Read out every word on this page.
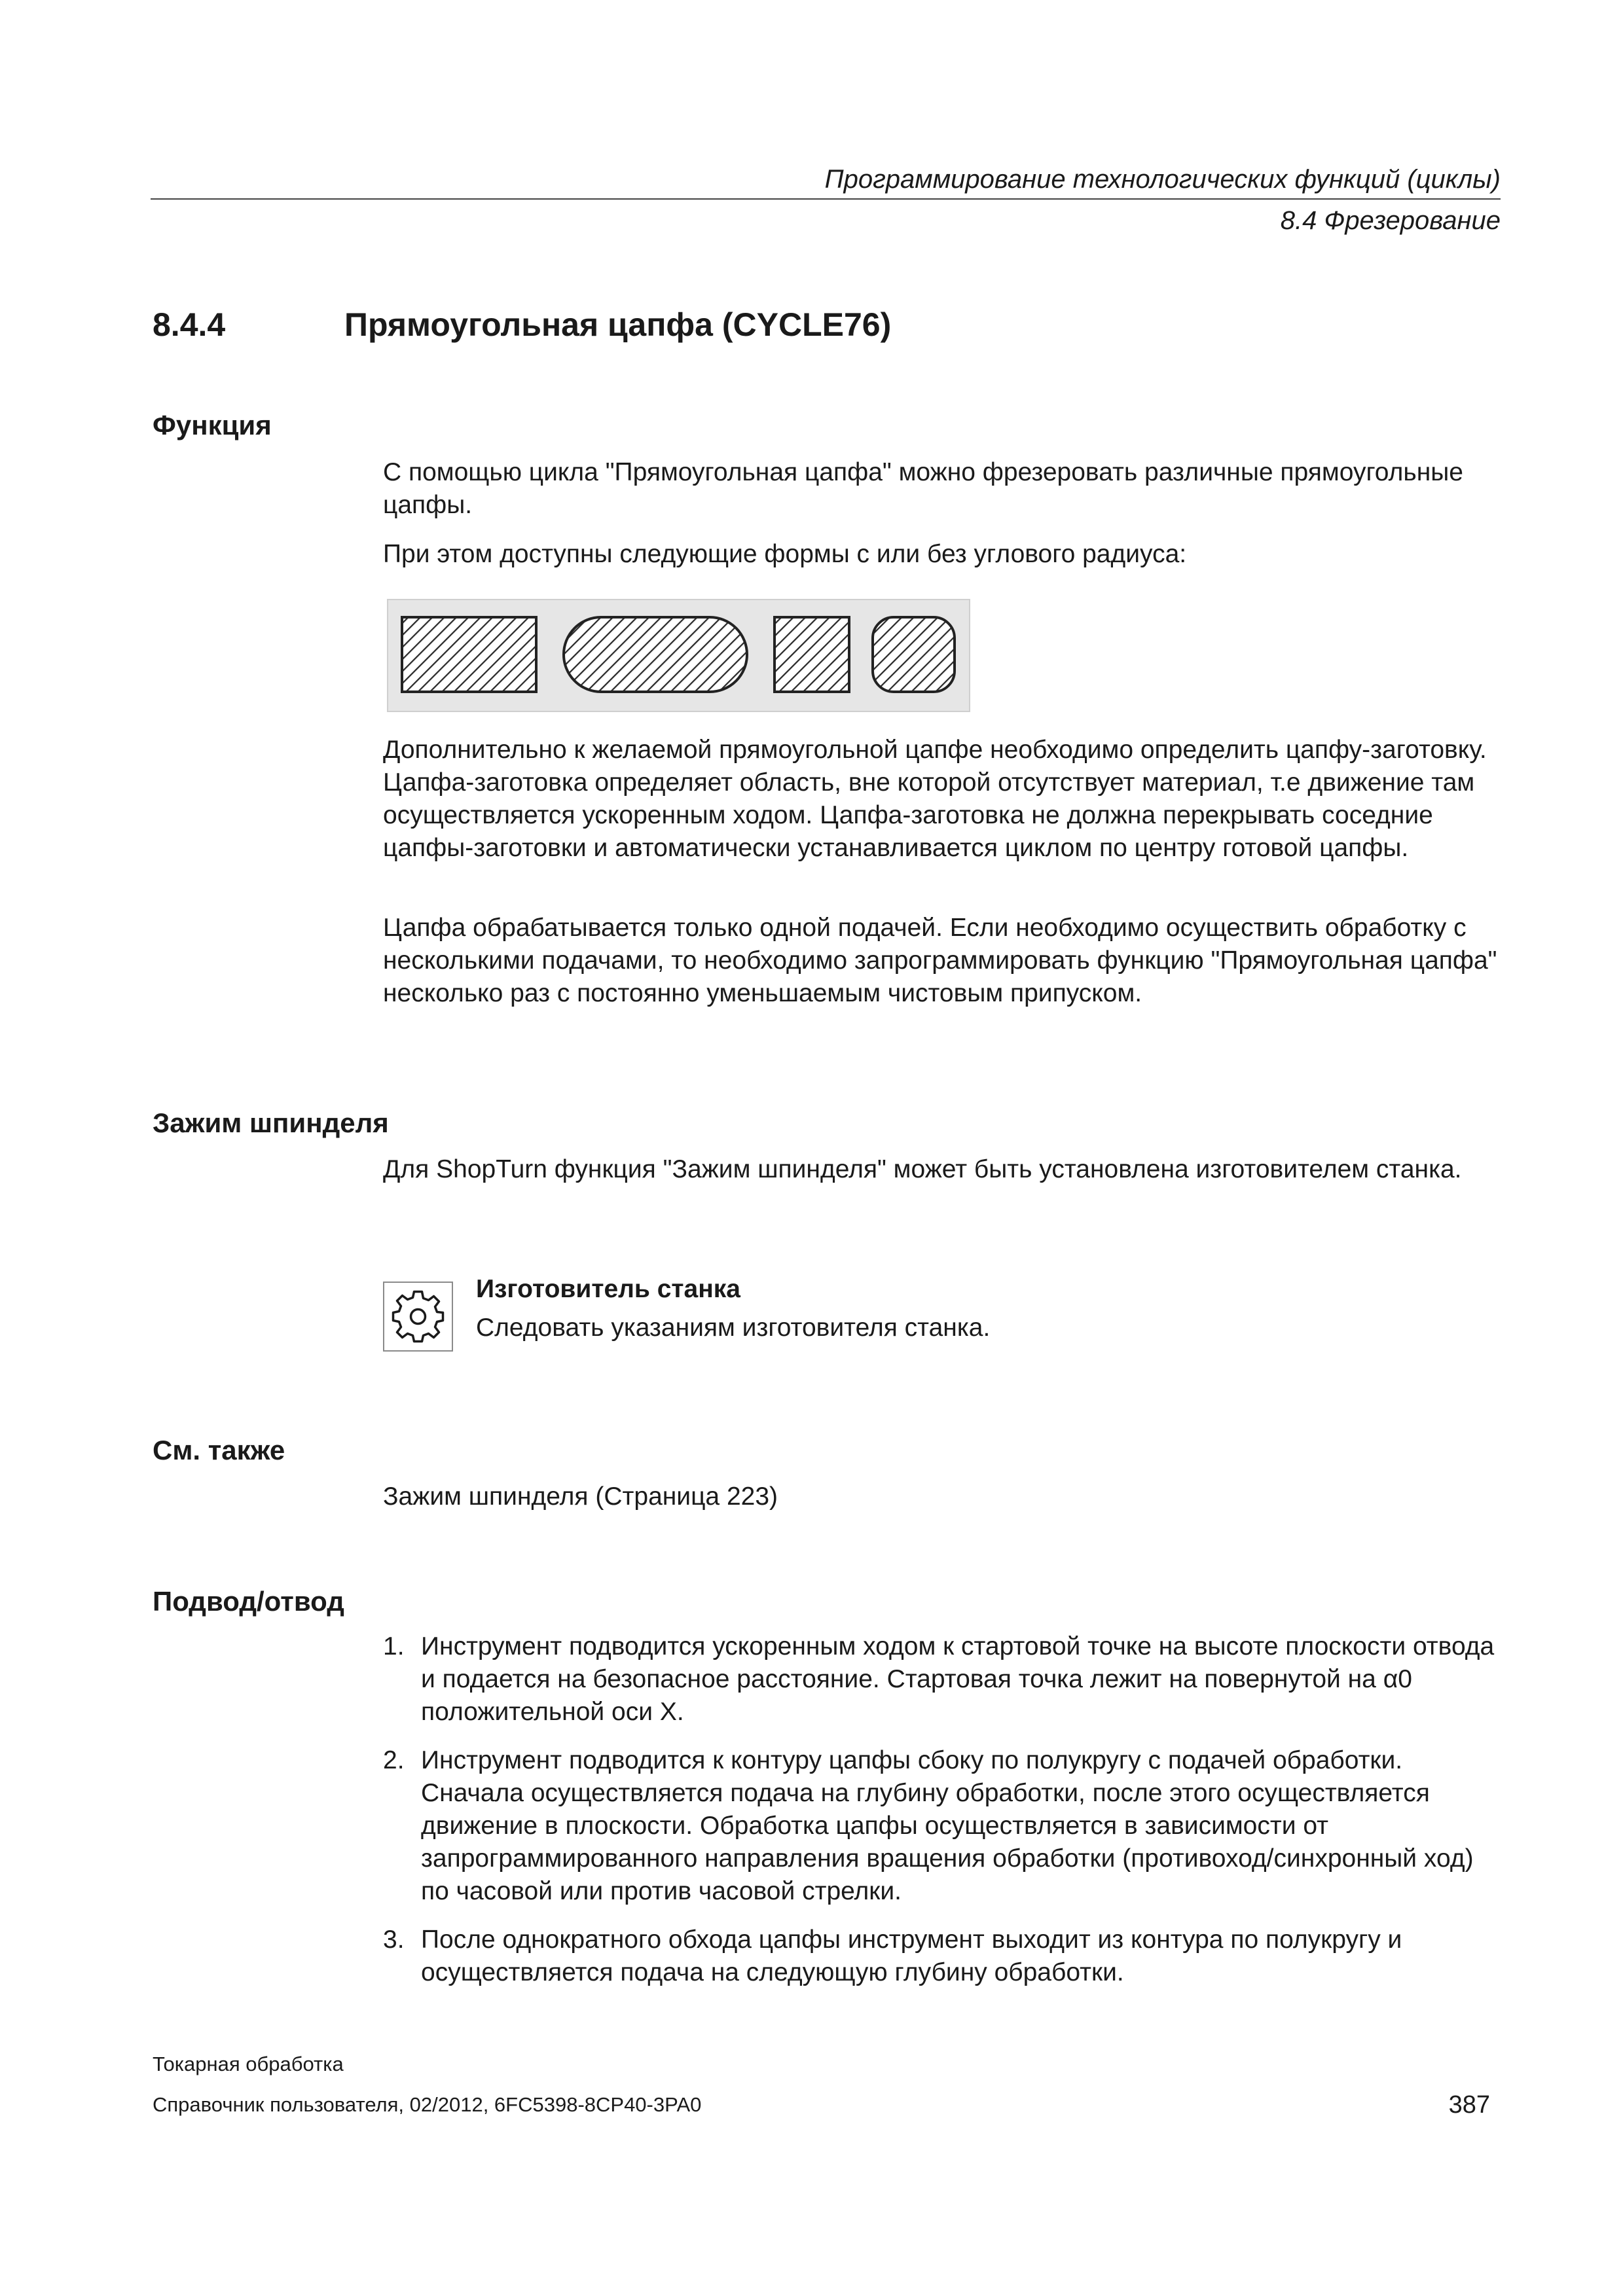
Программирование технологических функций (циклы)
8.4 Фрезерование
8.4.4	Прямоугольная цапфа (CYCLE76)
Функция
С помощью цикла "Прямоугольная цапфа" можно фрезеровать различные прямоугольные цапфы.
При этом доступны следующие формы с или без углового радиуса:
Дополнительно к желаемой прямоугольной цапфе необходимо определить цапфу-заготовку. Цапфа-заготовка определяет область, вне которой отсутствует материал, т.е движение там осуществляется ускоренным ходом. Цапфа-заготовка не должна перекрывать соседние цапфы-заготовки и автоматически устанавливается циклом по центру готовой цапфы.
Цапфа обрабатывается только одной подачей. Если необходимо осуществить обработку с несколькими подачами, то необходимо запрограммировать функцию "Прямоугольная цапфа" несколько раз с постоянно уменьшаемым чистовым припуском.
Зажим шпинделя
Для ShopTurn функция "Зажим шпинделя" может быть установлена изготовителем станка.
Изготовитель станка
Следовать указаниям изготовителя станка.
См. также
Зажим шпинделя (Страница 223)
Подвод/отвод
1. Инструмент подводится ускоренным ходом к стартовой точке на высоте плоскости отвода и подается на безопасное расстояние. Стартовая точка лежит на повернутой на α0 положительной оси X.
2. Инструмент подводится к контуру цапфы сбоку по полукругу с подачей обработки. Сначала осуществляется подача на глубину обработки, после этого осуществляется движение в плоскости. Обработка цапфы осуществляется в зависимости от запрограммированного направления вращения обработки (противоход/синхронный ход) по часовой или против часовой стрелки.
3. После однократного обхода цапфы инструмент выходит из контура по полукругу и осуществляется подача на следующую глубину обработки.
Токарная обработка
Справочник пользователя, 02/2012, 6FC5398-8CP40-3PA0	387
